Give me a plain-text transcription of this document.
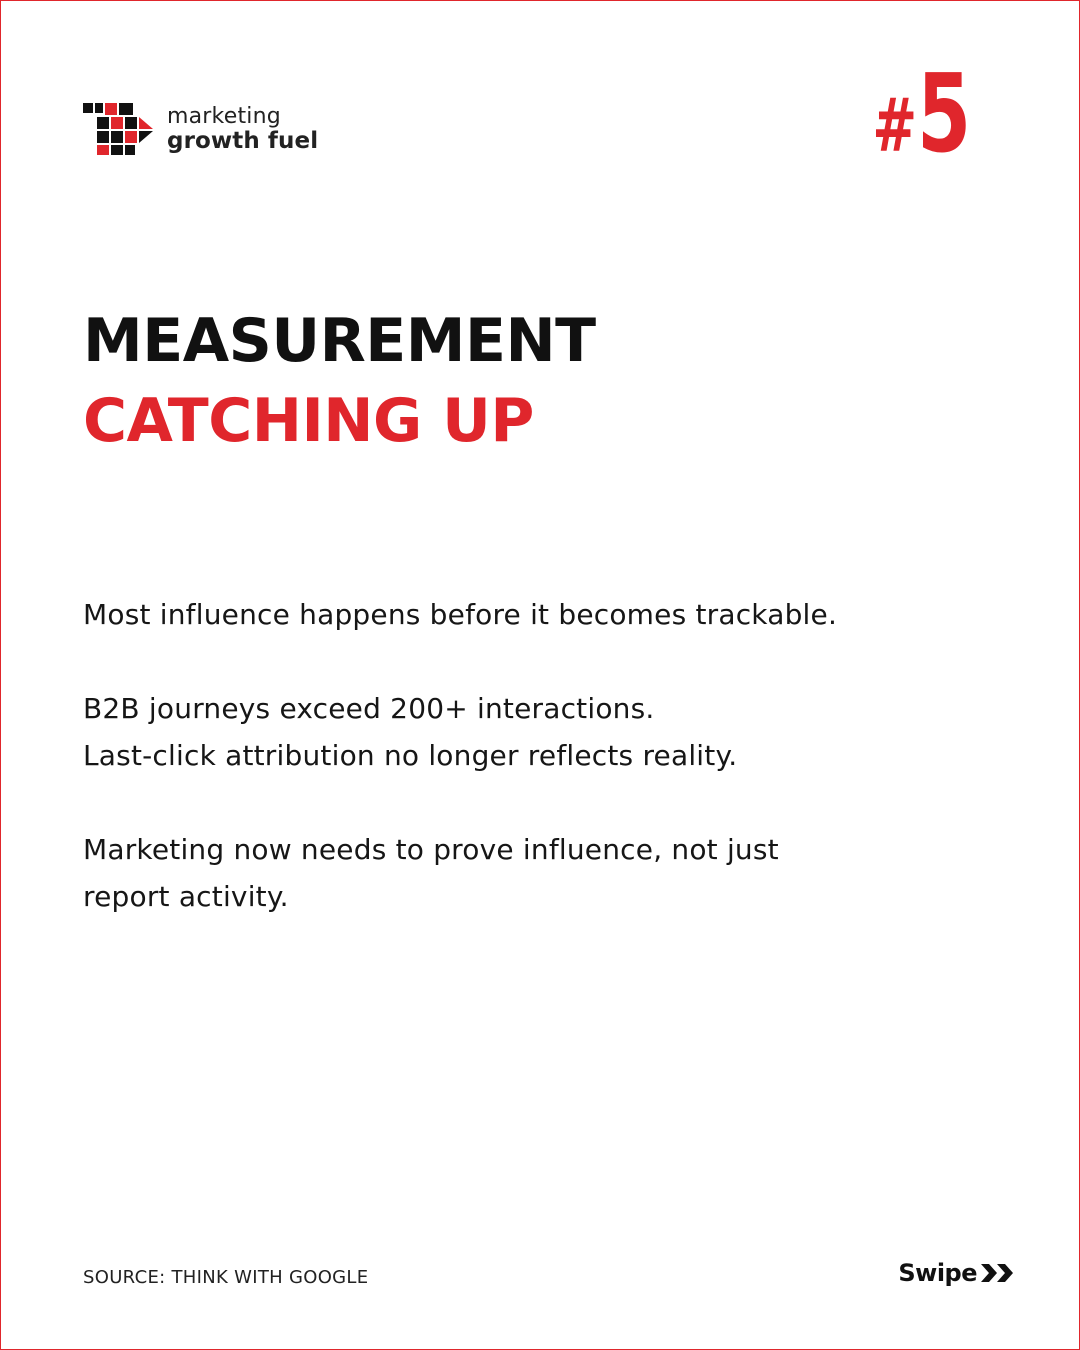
marketing
growth fuel	# 5
MEASUREMENT
CATCHING UP

Most influence happens before it becomes trackable.

B2B journeys exceed 200+ interactions.
Last-click attribution no longer reflects reality.

Marketing now needs to prove influence, not just
report activity.

SOURCE: THINK WITH GOOGLE	Swipe
